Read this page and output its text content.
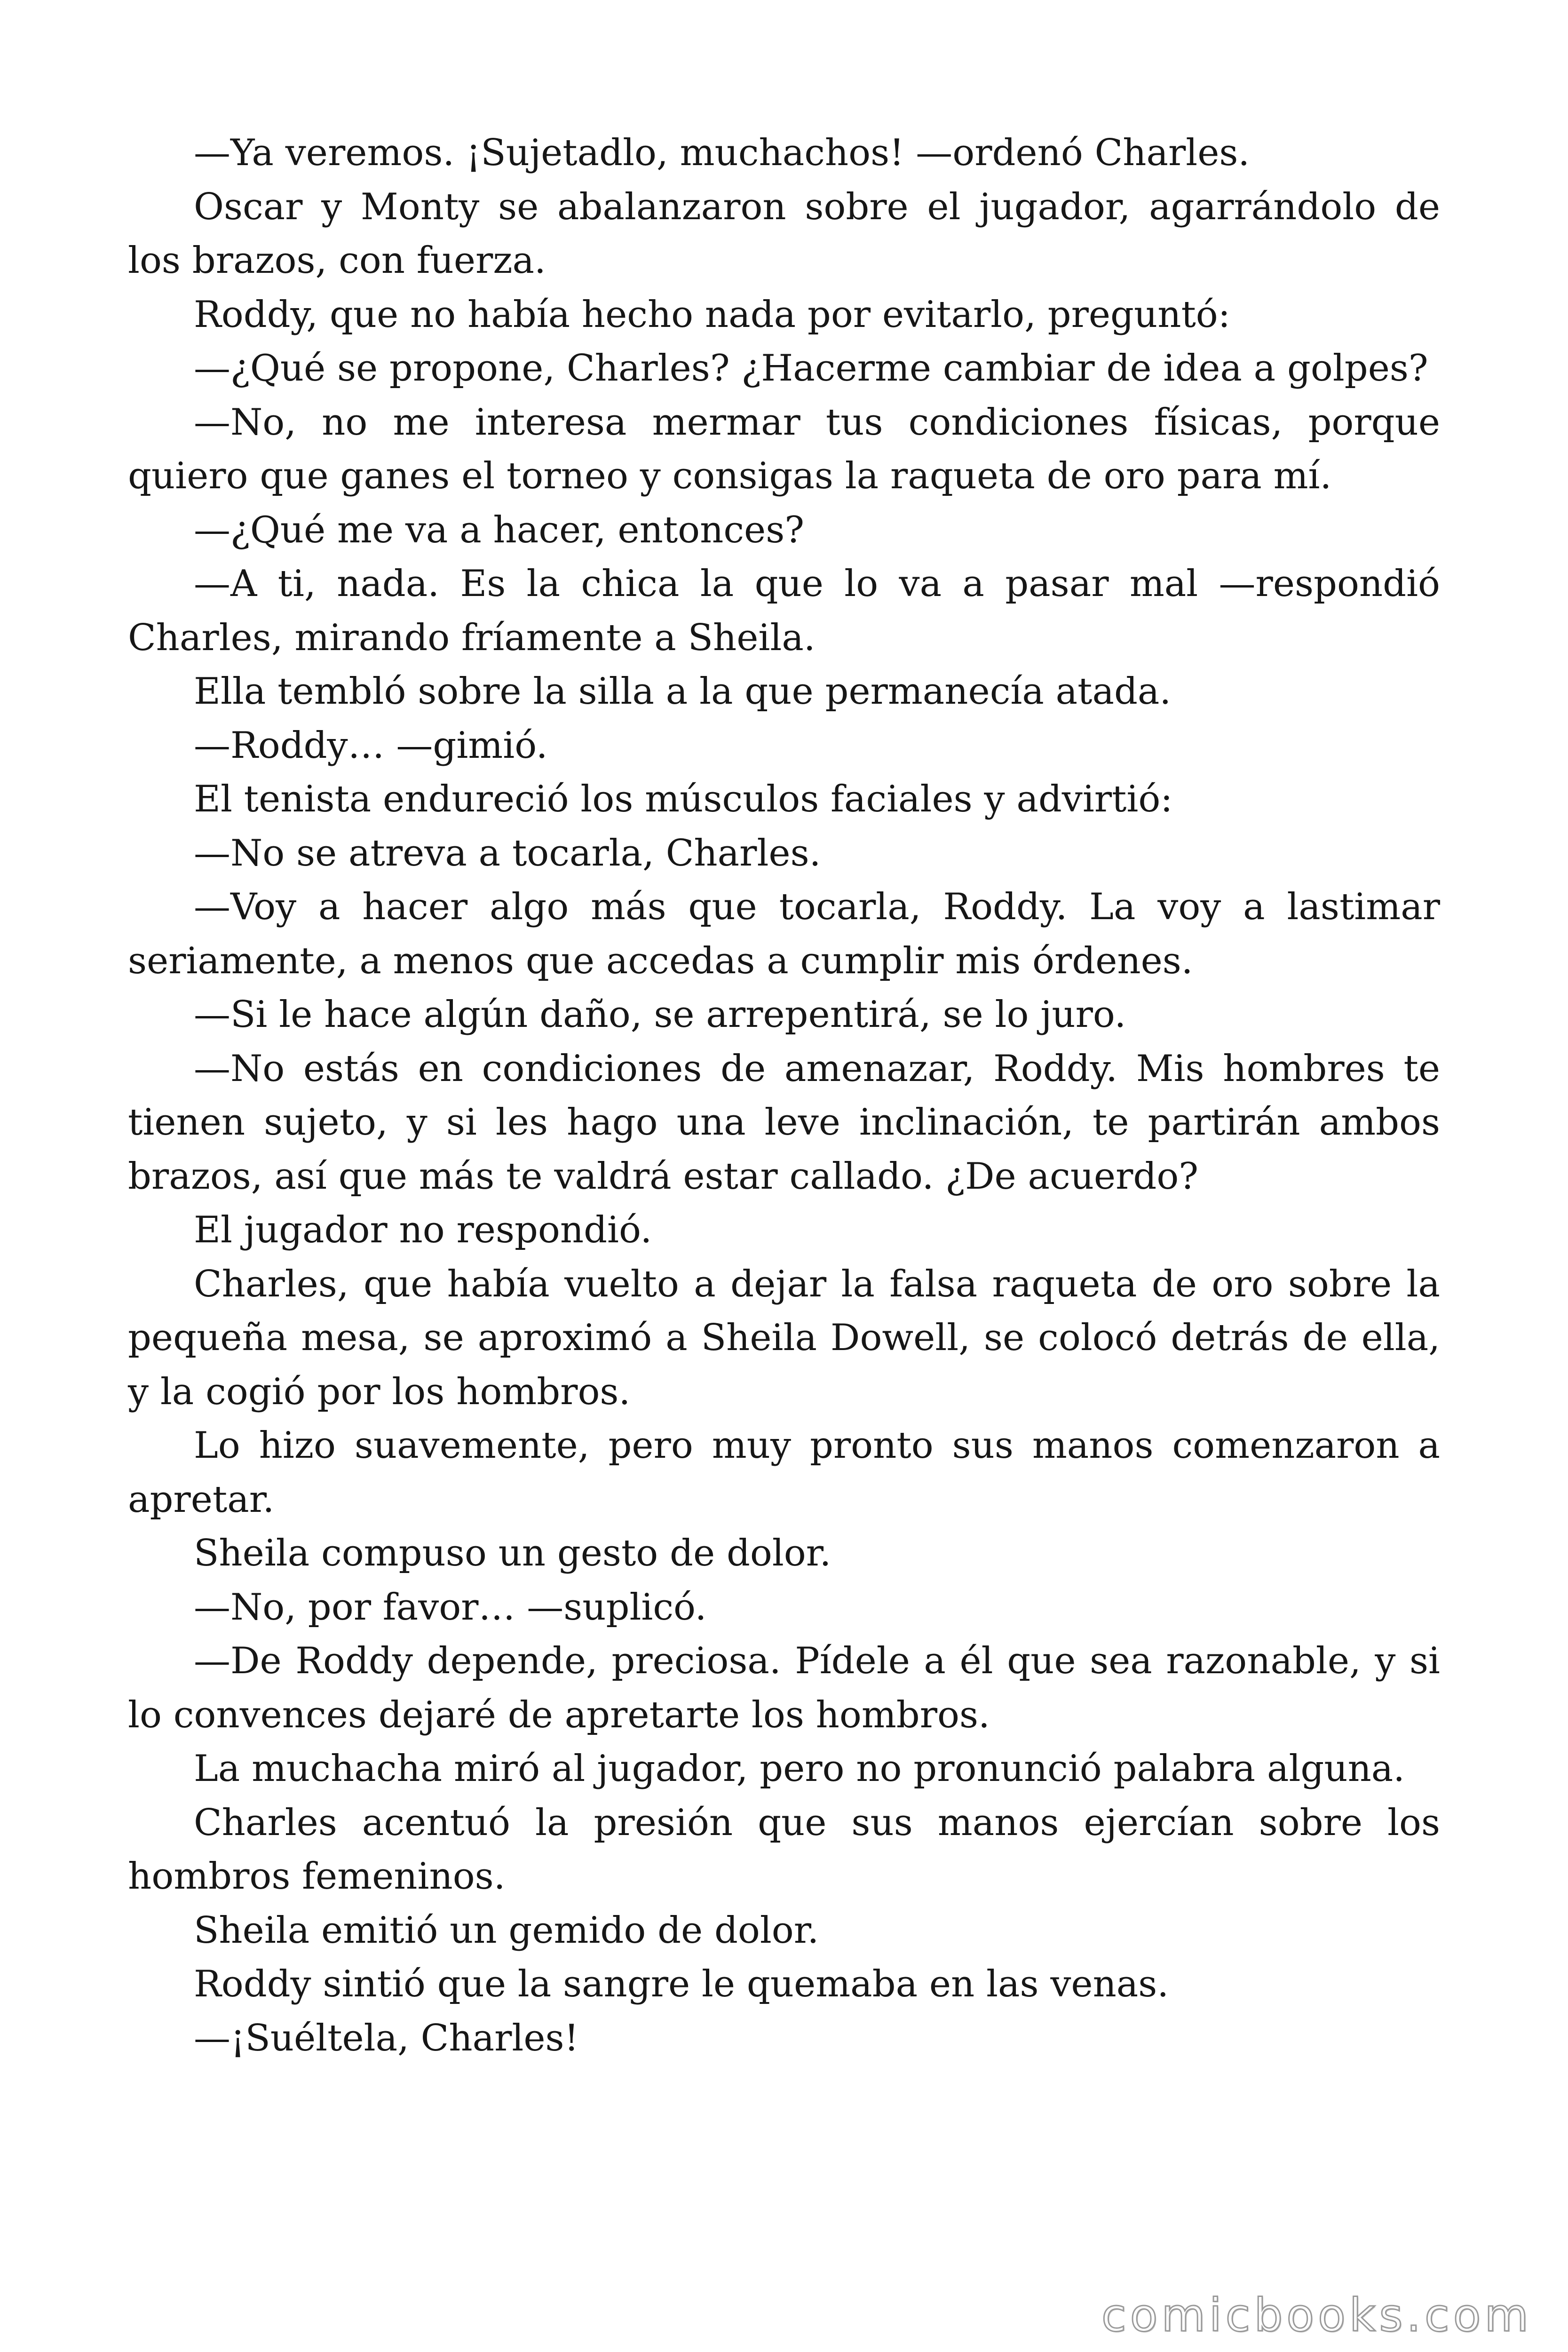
—Ya veremos. ¡Sujetadlo, muchachos! —ordenó Charles.

Oscar y Monty se abalanzaron sobre el jugador, agarrándolo de los brazos, con fuerza.

Roddy, que no había hecho nada por evitarlo, preguntó:

—¿Qué se propone, Charles? ¿Hacerme cambiar de idea a golpes?

—No, no me interesa mermar tus condiciones físicas, porque quiero que ganes el torneo y consigas la raqueta de oro para mí.

—¿Qué me va a hacer, entonces?

—A ti, nada. Es la chica la que lo va a pasar mal —respondió Charles, mirando fríamente a Sheila.

Ella tembló sobre la silla a la que permanecía atada.

—Roddy… —gimió.

El tenista endureció los músculos faciales y advirtió:

—No se atreva a tocarla, Charles.

—Voy a hacer algo más que tocarla, Roddy. La voy a lastimar seriamente, a menos que accedas a cumplir mis órdenes.

—Si le hace algún daño, se arrepentirá, se lo juro.

—No estás en condiciones de amenazar, Roddy. Mis hombres te tienen sujeto, y si les hago una leve inclinación, te partirán ambos brazos, así que más te valdrá estar callado. ¿De acuerdo?

El jugador no respondió.

Charles, que había vuelto a dejar la falsa raqueta de oro sobre la pequeña mesa, se aproximó a Sheila Dowell, se colocó detrás de ella, y la cogió por los hombros.

Lo hizo suavemente, pero muy pronto sus manos comenzaron a apretar.

Sheila compuso un gesto de dolor.

—No, por favor… —suplicó.

—De Roddy depende, preciosa. Pídele a él que sea razonable, y si lo convences dejaré de apretarte los hombros.

La muchacha miró al jugador, pero no pronunció palabra alguna.

Charles acentuó la presión que sus manos ejercían sobre los hombros femeninos.

Sheila emitió un gemido de dolor.

Roddy sintió que la sangre le quemaba en las venas.

—¡Suéltela, Charles!

comicbooks.com
